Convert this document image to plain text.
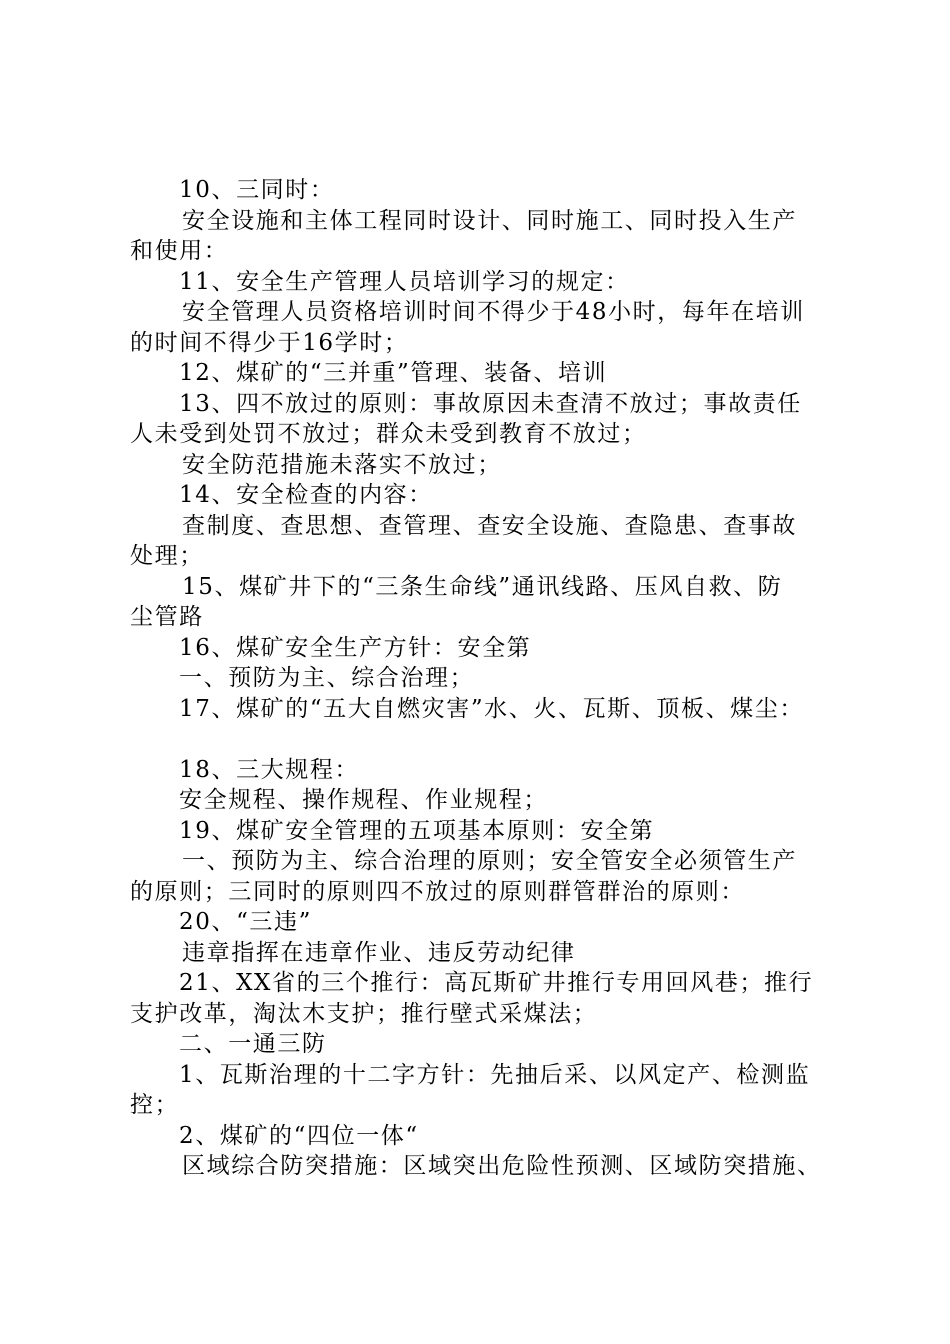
10、三同时：
安全设施和主体工程同时设计、同时施工、同时投入生产
和使用：
11、安全生产管理人员培训学习的规定：
安全管理人员资格培训时间不得少于48小时，每年在培训
的时间不得少于16学时；
12、煤矿的“三并重”管理、装备、培训
13、四不放过的原则：事故原因未查清不放过；事故责任
人未受到处罚不放过；群众未受到教育不放过；
安全防范措施未落实不放过；
14、安全检查的内容：
查制度、查思想、查管理、查安全设施、查隐患、查事故
处理；
15、煤矿井下的“三条生命线”通讯线路、压风自救、防
尘管路
16、煤矿安全生产方针：安全第
一、预防为主、综合治理；
17、煤矿的“五大自燃灾害”水、火、瓦斯、顶板、煤尘：
18、三大规程：
安全规程、操作规程、作业规程；
19、煤矿安全管理的五项基本原则：安全第
一、预防为主、综合治理的原则；安全管安全必须管生产
的原则；三同时的原则四不放过的原则群管群治的原则：
20、“三违”
违章指挥在违章作业、违反劳动纪律
21、XX省的三个推行：高瓦斯矿井推行专用回风巷；推行
支护改革，淘汰木支护；推行壁式采煤法；
二、一通三防
1、瓦斯治理的十二字方针：先抽后采、以风定产、检测监
控；
2、煤矿的“四位一体“
区域综合防突措施：区域突出危险性预测、区域防突措施、
